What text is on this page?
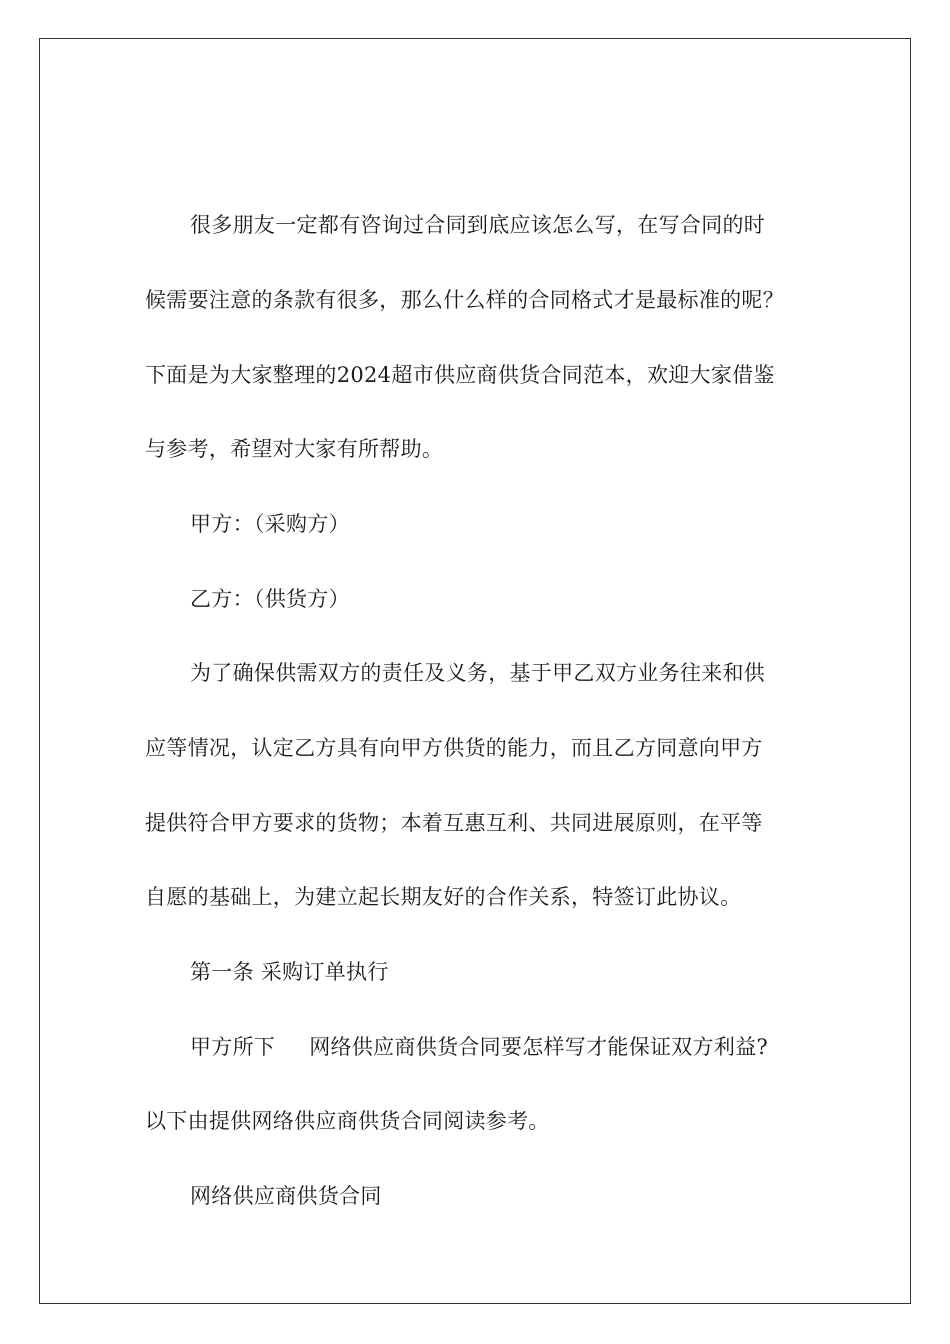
很多朋友一定都有咨询过合同到底应该怎么写，在写合同的时
候需要注意的条款有很多，那么什么样的合同格式才是最标准的呢？
下面是为大家整理的2024超市供应商供货合同范本，欢迎大家借鉴
与参考，希望对大家有所帮助。
甲方：（采购方）
乙方：（供货方）
为了确保供需双方的责任及义务，基于甲乙双方业务往来和供
应等情况，认定乙方具有向甲方供货的能力，而且乙方同意向甲方
提供符合甲方要求的货物；本着互惠互利、共同进展原则，在平等
自愿的基础上，为建立起长期友好的合作关系，特签订此协议。
第一条 采购订单执行
甲方所下 网络供应商供货合同要怎样写才能保证双方利益?
以下由提供网络供应商供货合同阅读参考。
网络供应商供货合同
